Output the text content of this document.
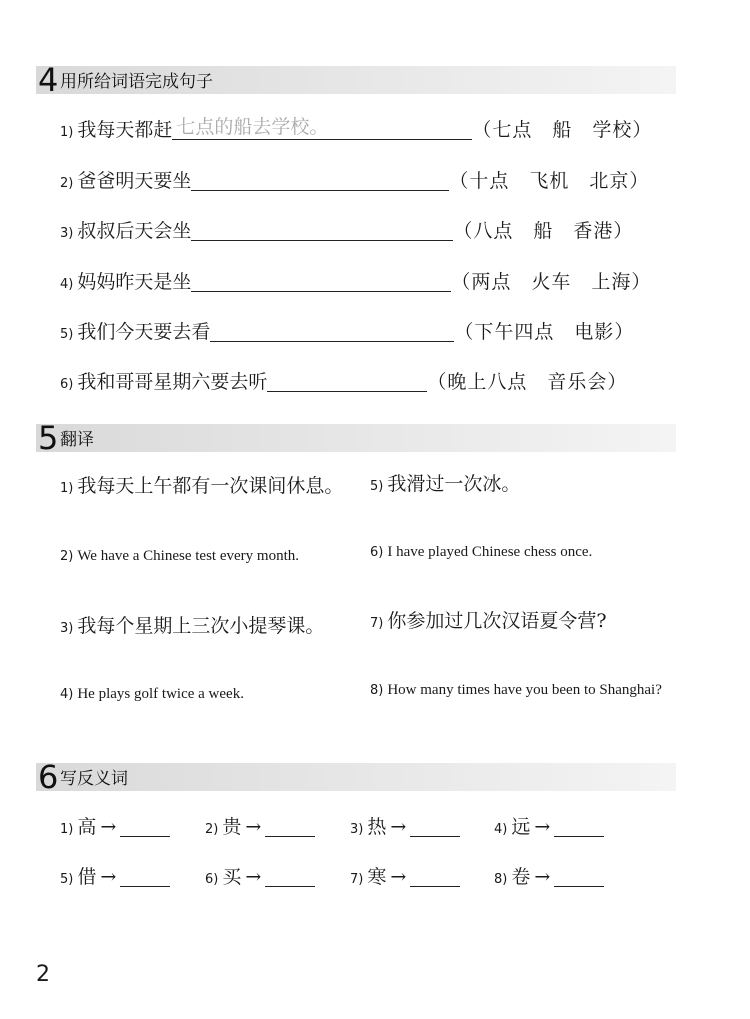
4 用所给词语完成句子
1) 我每天都赶 七点的船去学校。	（七点　船　学校）
2) 爸爸明天要坐	（十点　飞机　北京）
3) 叔叔后天会坐	（八点　船　香港）
4) 妈妈昨天是坐	（两点　火车　上海）
5) 我们今天要去看	（下午四点　电影）
6) 我和哥哥星期六要去听	（晚上八点　音乐会）
5 翻译
1) 我每天上午都有一次课间休息。 5) 我滑过一次冰。
2) We have a Chinese test every month.	6) I have played Chinese chess once.
3) 我每个星期上三次小提琴课。	7) 你参加过几次汉语夏令营?
4) He plays golf twice a week.	8) How many times have you been to Shanghai?
6 写反义词
1) 高 →	2) 贵 →	3) 热 →	4) 远 →
5) 借 →	6) 买 →	7) 寒 →	8) 卷 →
2
